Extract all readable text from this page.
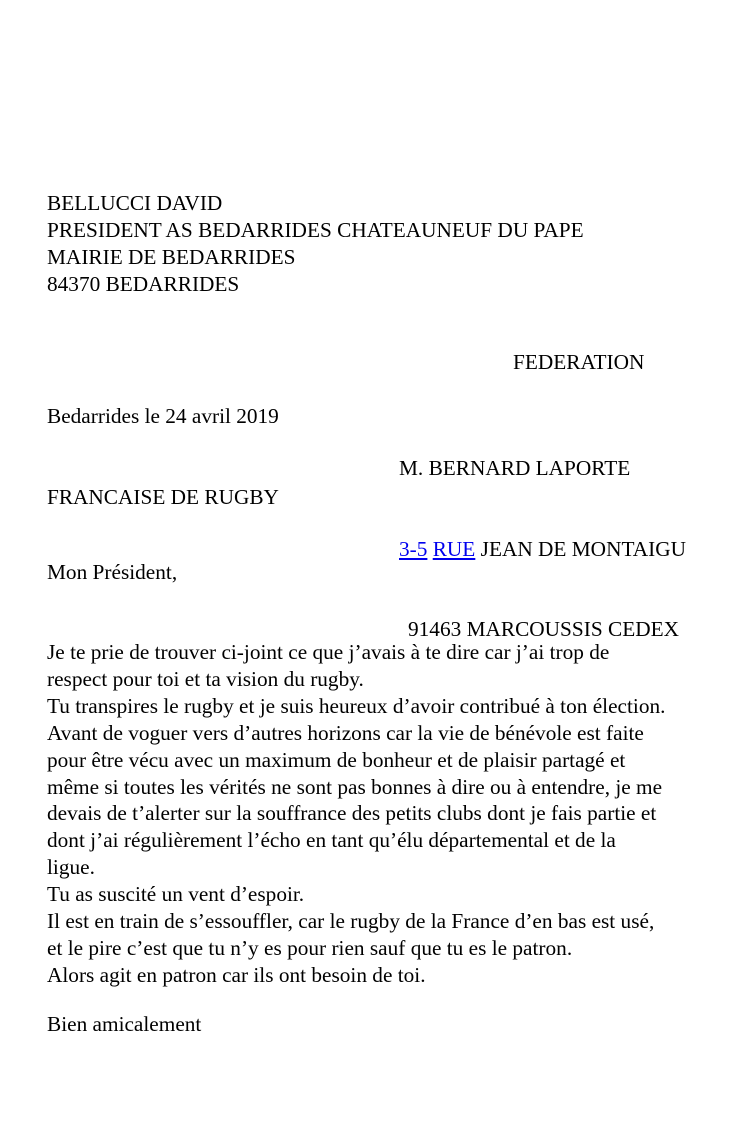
BELLUCCI DAVID
PRESIDENT AS BEDARRIDES CHATEAUNEUF DU PAPE
MAIRIE DE BEDARRIDES
84370 BEDARRIDES

Bedarrides le 24 avril 2019
FEDERATION

FRANCAISE DE RUGBY

M. BERNARD LAPORTE

3-5 RUE JEAN DE MONTAIGU

91463 MARCOUSSIS CEDEX

Mon Président,
Je te prie de trouver ci-joint ce que j’avais à te dire car j’ai trop de
respect pour toi et ta vision du rugby.
Tu transpires le rugby et je suis heureux d’avoir contribué à ton élection.
Avant de voguer vers d’autres horizons car la vie de bénévole est faite
pour être vécu avec un maximum de bonheur et de plaisir partagé et
même si toutes les vérités ne sont pas bonnes à dire ou à entendre, je me
devais de t’alerter sur la souffrance des petits clubs dont je fais partie et
dont j’ai régulièrement l’écho en tant qu’élu départemental et de la
ligue.
Tu as suscité un vent d’espoir.
Il est en train de s’essouffler, car le rugby de la France d’en bas est usé,
et le pire c’est que tu n’y es pour rien sauf que tu es le patron.
Alors agit en patron car ils ont besoin de toi.
Bien amicalement
